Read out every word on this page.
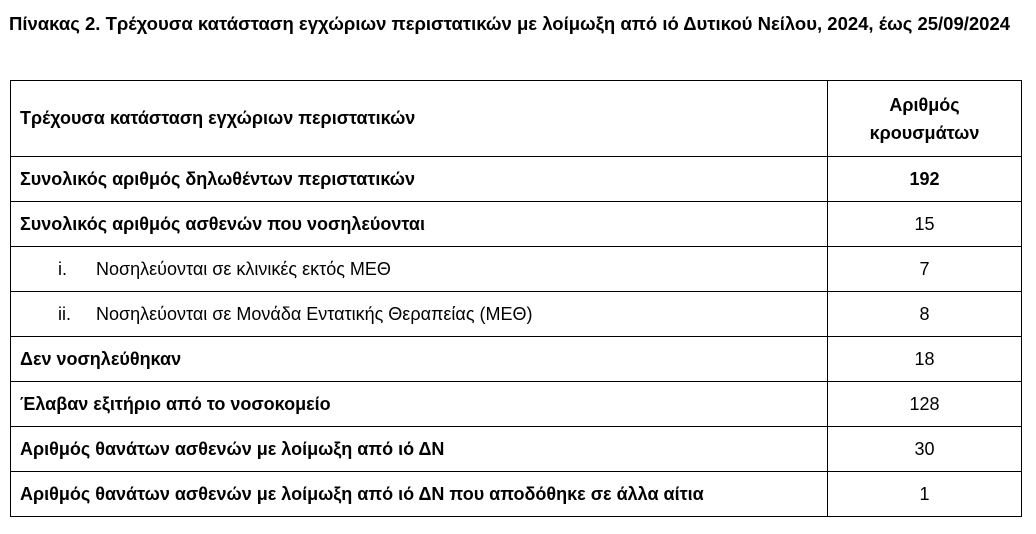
Πίνακας 2. Τρέχουσα κατάσταση εγχώριων περιστατικών με λοίμωξη από ιό Δυτικού Νείλου, 2024, έως 25/09/2024

Τρέχουσα κατάσταση εγχώριων περιστατικών	Αριθμός
κρουσμάτων

Συνολικός αριθμός δηλωθέντων περιστατικών	192
Συνολικός αριθμός ασθενών που νοσηλεύονται	15
i. Νοσηλεύονται σε κλινικές εκτός ΜΕΘ	7
ii. Νοσηλεύονται σε Μονάδα Εντατικής Θεραπείας (ΜΕΘ)	8
Δεν νοσηλεύθηκαν	18
Έλαβαν εξιτήριο από το νοσοκομείο	128
Αριθμός θανάτων ασθενών με λοίμωξη από ιό ΔΝ	30
Αριθμός θανάτων ασθενών με λοίμωξη από ιό ΔΝ που αποδόθηκε σε άλλα αίτια	1
